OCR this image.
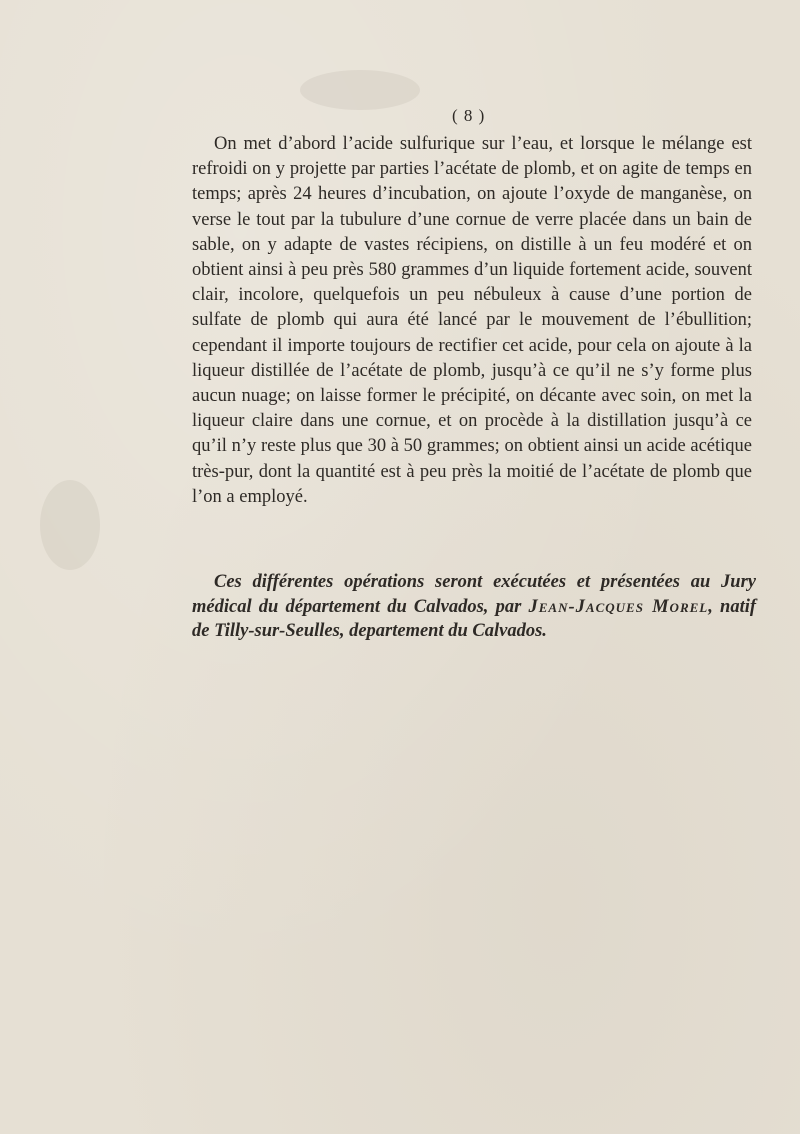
( 8 )

On met d’abord l’acide sulfurique sur l’eau, et lorsque le mélange est refroidi on y projette par parties l’acétate de plomb, et on agite de temps en temps; après 24 heures d’incubation, on ajoute l’oxyde de manganèse, on verse le tout par la tubulure d’une cornue de verre placée dans un bain de sable, on y adapte de vastes récipiens, on distille à un feu modéré et on obtient ainsi à peu près 580 grammes d’un liquide fortement acide, souvent clair, incolore, quelquefois un peu nébuleux à cause d’une portion de sulfate de plomb qui aura été lancé par le mouvement de l’ébullition; cependant il importe toujours de rectifier cet acide, pour cela on ajoute à la liqueur distillée de l’acétate de plomb, jusqu’à ce qu’il ne s’y forme plus aucun nuage; on laisse former le précipité, on décante avec soin, on met la liqueur claire dans une cornue, et on procède à la distillation jusqu’à ce qu’il n’y reste plus que 30 à 50 grammes; on obtient ainsi un acide acétique très-pur, dont la quantité est à peu près la moitié de l’acétate de plomb que l’on a employé.

Ces différentes opérations seront exécutées et présentées au Jury médical du département du Calvados, par Jean-Jacques Morel, natif de Tilly-sur-Seulles, departement du Calvados.
